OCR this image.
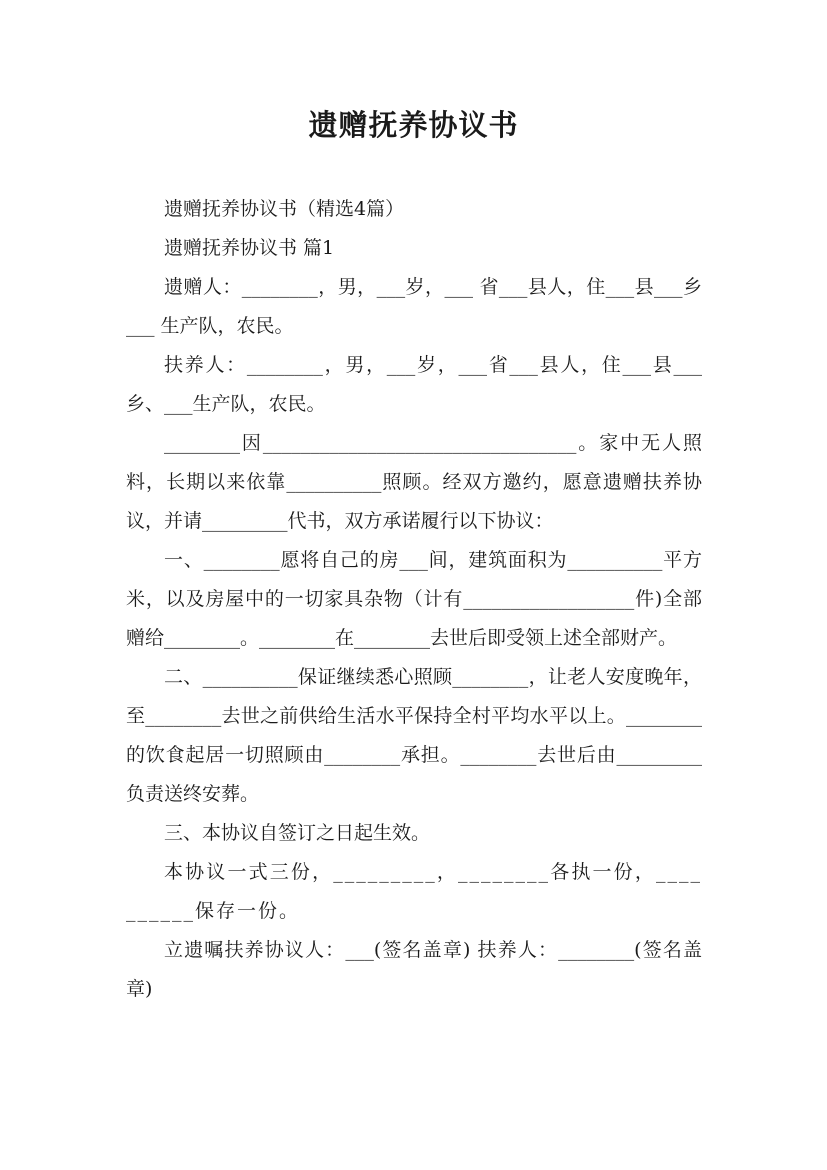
遗赠抚养协议书

遗赠抚养协议书（精选4篇）

遗赠抚养协议书 篇1

遗赠人：________，男，___岁，___ 省___县人，住___县___乡___ 生产队，农民。

扶养人：________，男，___岁，___省___县人，住___县___乡、___生产队，农民。

________因_________________________________。家中无人照料，长期以来依靠__________照顾。经双方邀约，愿意遗赠扶养协议，并请_________代书，双方承诺履行以下协议：

一、________愿将自己的房___间，建筑面积为__________平方米，以及房屋中的一切家具杂物（计有__________________件)全部赠给________。________在________去世后即受领上述全部财产。

二、__________保证继续悉心照顾________，让老人安度晚年，至________去世之前供给生活水平保持全村平均水平以上。________的饮食起居一切照顾由________承担。________去世后由_________负责送终安葬。

三、本协议自签订之日起生效。

本协议一式三份，_________，________各执一份，__________保存一份。

立遗嘱扶养协议人：___(签名盖章) 扶养人：________(签名盖章)
